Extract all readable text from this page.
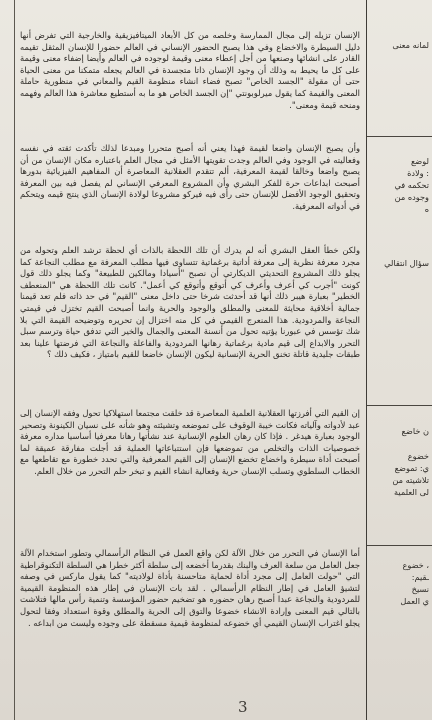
الإنسان تزيله إلى مجال الممارسة وخلصه من كل الأبعاد الميتافيزيقية والخارجية التي تفرض أنها دليل السيطرة والاخضاع وفي هذا يصبح الحضور الإنساني في العالم حضورا للإنسان المثقل تقيمه القادر على انشائها وصنعها من أجل إعطاء معنى وقيمة لوجوده في العالم وأيضا إضفاء معنى وقيمة على كل ما يحيط به وذلك أن وجود الإنسان ذاتا متجسدة في العالم يجعله متمكنا من معنى الحياة حتى أن مقولة "الجسد الخاص" تصبح فضاء انشاء منظومة القيم والمعاني في منظورية حاملة المعنى والقيمة كما يقول ميرلوبونتي "إن الجسد الخاص هو ما به أستطيع معاشرة هذا العالم وفهمه ومنحه قيمة ومعنى".

وأن يصبح الإنسان واضعا لقيمة فهذا يعني أنه أصبح متحررا ومبدعا لذلك تأكدت ثقته في نفسه وفعاليته في الوجود وفي العالم وجدت تقويتها الأمثل في مجال العلم باعتباره مكان الإنسان من أن يصبح واضعا وخالقا لقيمة المعرفية، ألم تتقدم العقلانية المعاصرة أن المفاهيم الفيزيائية بدورها أصبحت ابداعات حرة للفكر البشري وأن المشروع المعرفي الإنساني لم يفصل فيه بين المعرفة وتحقيق الوجود الأفضل للإنسان حتى رأى فيه فيركو مشروعا لولادة الإنسان الذي ينتج قيمه ويتحكم في أدواته المعرفية.

ولكن خطأ العقل البشري أنه لم يدرك أن تلك اللحظة بالذات أي لحظة ترشد العلم وتحوله من مجرد معرفة نظرية إلى معرفة أداتية برغماتية تتساوى فيها مطلب المعرفة مع مطلب النجاعة كما يجلو ذلك المشروع التحديثي الديكارتي أن نصبح "أسيادا ومالكين للطبيعة" وكما يجلو ذلك قول كونت "أجرب كي أعرف وأعرف كي أتوقع وأتوقع كي أعمل". كانت تلك اللحظة هي "المنعطف الخطير" بعبارة هيبر ذلك أنها قد أحدثت شرخا حتى داخل معنى "القيم" في حد ذاته فلم تعد قيمنا جمالية أخلاقية محايثة للمعنى والمطلق والوجود والحرية وانما أصبحت القيم تختزل في قيمتي النجاعة والمردودية. هذا المنعرج القيمي في كل منه اختزال إن تحريره وتوضيحه القيمة التي بلا شك تؤسس في عبورنا يؤتيه تحول من أنسنة المعنى والجمال والخير التي تدفق حياة وترسم سبل التحرر والابداع إلى قيم مادية برغماتية رهانها المردودية والفاعلة والنجاعة التي فرضتها علينا بعد طبقات جليدية قاتلة تخنق الحرية الإنسانية ليكون الإنسان خاضعا للقيم بامتياز ، فكيف ذلك ؟

إن القيم التي أفرزتها العقلانية العلمية المعاصرة قد خلقت مجتمعا استهلاكيا تحول وفقه الإنسان إلى عبد لأدواته وآلياته فكانت خيبة الوقوف على تموضعه وتشيئته وهو شأنه على نسيان الكينونة وتصحير الوجود بعبارة هيدغر . فإذا كان رهان العلوم الإنسانية عند نشأتها رهانا معرفيا أساسيا مداره معرفة خصوصيات الذات والتخلص من تموضعها فإن استتباعاتها العملية قد أجلت مفارقة عميقة لما أصبحت أداة سيطرة واخضاع تخضع الإنسان إلى القيم المعرفية والتي تحدد خطورة مع تقاطعها مع الخطاب السلطوي وتسلب الإنسان حرية وفعالية انشاء القيم و تبخر حلم التحرر من خلال العلم.

أما الإنسان في التحرر من خلال الآلة لكن واقع العمل في النظام الرأسمالي وتطور استخدام الآلة جعل العامل من سلعة العرف والبنك بقدرما أخضعه إلى سلطة أكثر خطرا هي السلطة التكنوقراطية التي "حولت العامل إلى مجرد أداة لحماية متاحسنة بأداة لولاديته" كما يقول ماركس في وصفه لتشيؤ العامل في إطار النظام الرأسمالي . لقد بات الإنسان في إطار هذه المنظومة القيمية للمردودية والنجاعة عبدا أصبح رهان حضوره هو تضخيم حضور المؤسسة وتنمية رأس مالها فتلاشت بالتالي قيم المعنى وإرادة الانشاء خضوعا والتوق إلى الحرية والمطلق وقوة استعداد وفقا لتحول يجلو اغتراب الإنسان القيمي أي خضوعه لمنظومة قيمية مسقطة على وجوده وليست من ابداعه .

لمانه معنى
لوضع
: ولادة
تحكمه في
وجوده من
ه
سؤال انتقالي
ن خاضع
خضوع
ي: تموضع
تلاشيته من
لى العلمية
، خضوع
ـقيم:
نسيخ
ي العمل
3
